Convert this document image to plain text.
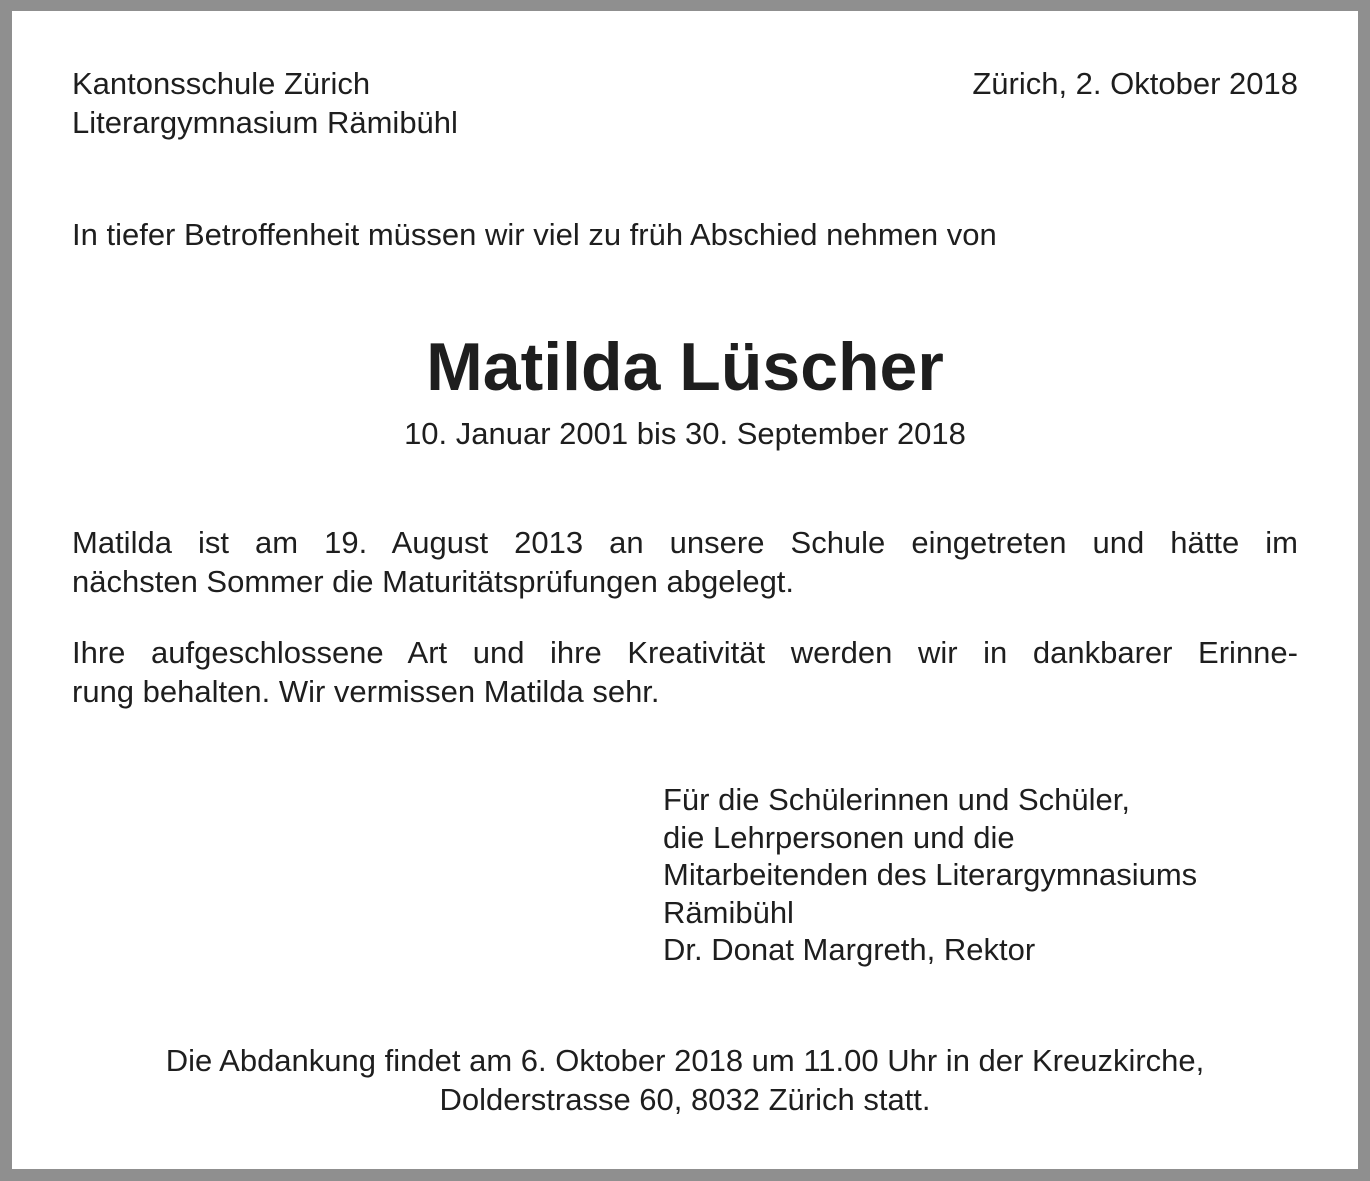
Kantonsschule Zürich
Literargymnasium Rämibühl
Zürich, 2. Oktober 2018
In tiefer Betroffenheit müssen wir viel zu früh Abschied nehmen von
Matilda Lüscher
10. Januar 2001 bis 30. September 2018
Matilda ist am 19. August 2013 an unsere Schule eingetreten und hätte im
nächsten Sommer die Maturitätsprüfungen abgelegt.
Ihre aufgeschlossene Art und ihre Kreativität werden wir in dankbarer Erinne-
rung behalten. Wir vermissen Matilda sehr.
Für die Schülerinnen und Schüler,
die Lehrpersonen und die
Mitarbeitenden des Literargymnasiums
Rämibühl
Dr. Donat Margreth, Rektor
Die Abdankung findet am 6. Oktober 2018 um 11.00 Uhr in der Kreuzkirche,
Dolderstrasse 60, 8032 Zürich statt.
